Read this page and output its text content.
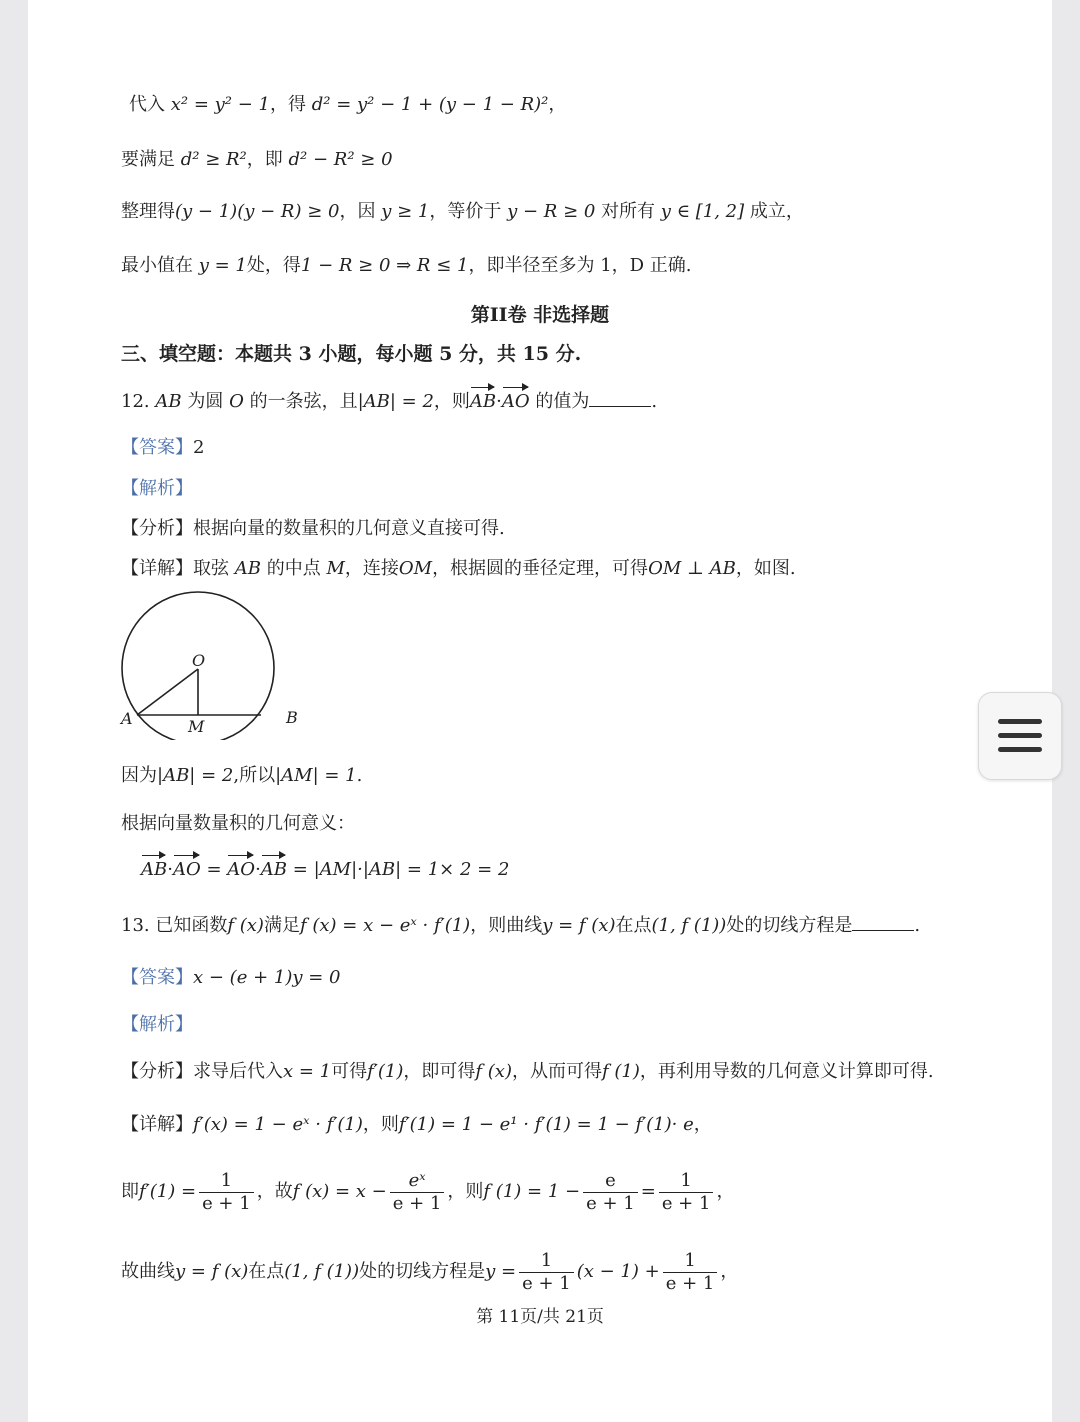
代入 x² = y² − 1，得 d² = y² − 1 + (y − 1 − R)²，
要满足 d² ≥ R²，即 d² − R² ≥ 0
整理得(y − 1)(y − R) ≥ 0，因 y ≥ 1，等价于 y − R ≥ 0 对所有 y ∈ [1, 2] 成立，
最小值在 y = 1处，得1 − R ≥ 0 ⇒ R ≤ 1，即半径至多为 1，D 正确.
第II卷 非选择题
三、填空题：本题共 3 小题，每小题 5 分，共 15 分.
12. AB 为圆 O 的一条弦，且|AB| = 2，则AB·AO 的值为	.
【答案】2
【解析】
【分析】根据向量的数量积的几何意义直接可得.
【详解】取弦 AB 的中点 M，连接OM，根据圆的垂径定理，可得OM ⊥ AB，如图.
O
A	B
M
因为|AB| = 2,所以|AM| = 1.
根据向量数量积的几何意义：
AB·AO = AO·AB = |AM|·|AB| = 1× 2 = 2
13. 已知函数f (x)满足f (x) = x − eˣ · f′(1)，则曲线y = f (x)在点(1, f (1))处的切线方程是	.
【答案】x − (e + 1)y = 0
【解析】
【分析】求导后代入x = 1可得f′(1)，即可得f (x)，从而可得f (1)，再利用导数的几何意义计算即可得.
【详解】f′(x) = 1 − eˣ · f′(1)，则f′(1) = 1 − e¹ · f′(1) = 1 − f′(1)· e，
即$f'(1) = \frac{1}{e + 1}$ ，故f $(x) = x - \frac{\text{eˣ}}{e + 1}$ ，则f $(1) = 1 - \frac{e}{e + 1} = \frac{1}{e + 1}$ ，
故曲线y = f (x)在点(1, f (1))处的切线方程是$y = \frac{1}{e + 1} (x - 1) + \frac{1}{e + 1}$ ，
第 11页/共 21页
